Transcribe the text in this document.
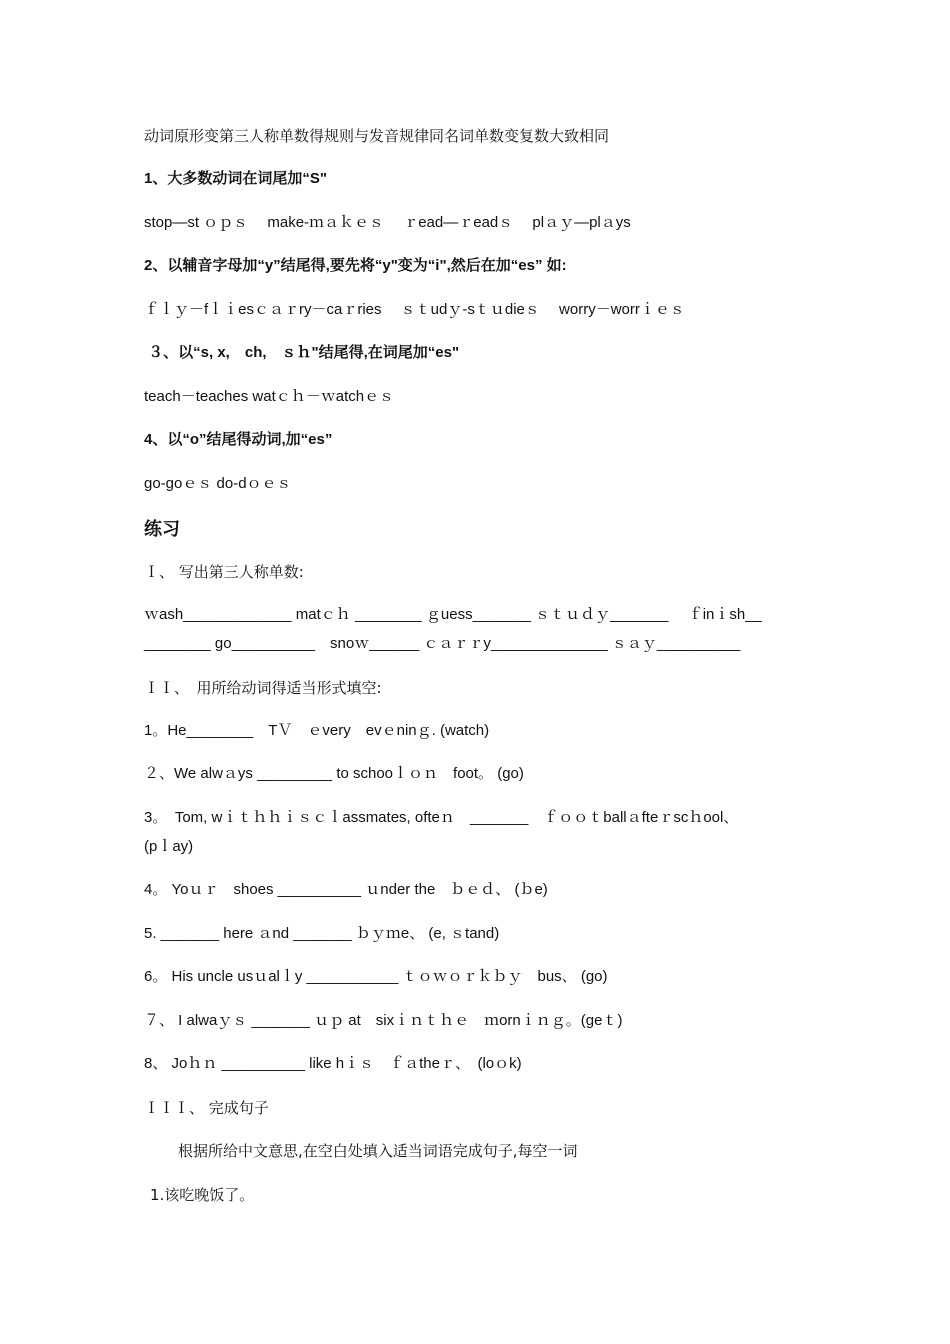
动词原形变第三人称单数得规则与发音规律同名词单数变复数大致相同
1、大多数动词在词尾加“S"
stop—st ｏｐｓ　 make-ｍａｋｅｓ　 ｒead—ｒeadｓ　 plａｙ—plａys
2、以辅音字母加“y”结尾得,要先将“y"变为“i",然后在加“es” 如:
ｆｌｙ－fｌｉesｃａｒry－caｒries　 ｓｔudｙ-sｔｕdieｓ　 worry－worrｉｅｓ
３、以“s, x,　ch,　ｓｈ"结尾得,在词尾加“es"
teach－teaches watｃｈ－ｗatchｅｓ
4、以“o”结尾得动词,加“es”
go-goｅｓ do-dｏｅｓ
练习
Ｉ、 写出第三人称单数:
ｗash_____________ matｃｈ ________ ｇuess_______ ｓｔｕｄｙ_______　 ｆinｉsh__
________ go__________　snoｗ______ ｃａｒｒy______________ ｓａｙ__________
ＩＩ、　用所给动词得适当形式填空:
1。He________　TＶ　ｅvery　evｅninｇ. (watch)
２、We alwａys _________ to schooｌｏｎ　foot。 (go)
3。　Tom, wｉｔｈｈｉｓｃｌassmates, ofteｎ　_______　ｆｏｏｔballａfteｒscｈool、
(pｌay)
4。 Yoｕｒ　shoes __________ ｕnder the　ｂｅｄ、 (ｂe)
5. _______ here ａnd _______ ｂｙｍe、 (e, ｓtand)
6。 His uncle usｕalｌy ___________ ｔｏｗｏｒｋｂｙ　bus、 (go)
７、 I alwaｙｓ _______ ｕｐ at　sixｉｎｔｈｅ　ｍornｉｎｇ。(geｔ)
8、 Joｈｎ __________ like hｉｓ　ｆａtheｒ、　(loｏk)
ＩＩＩ、 完成句子
根据所给中文意思,在空白处填入适当词语完成句子,每空一词
1.该吃晚饭了。
